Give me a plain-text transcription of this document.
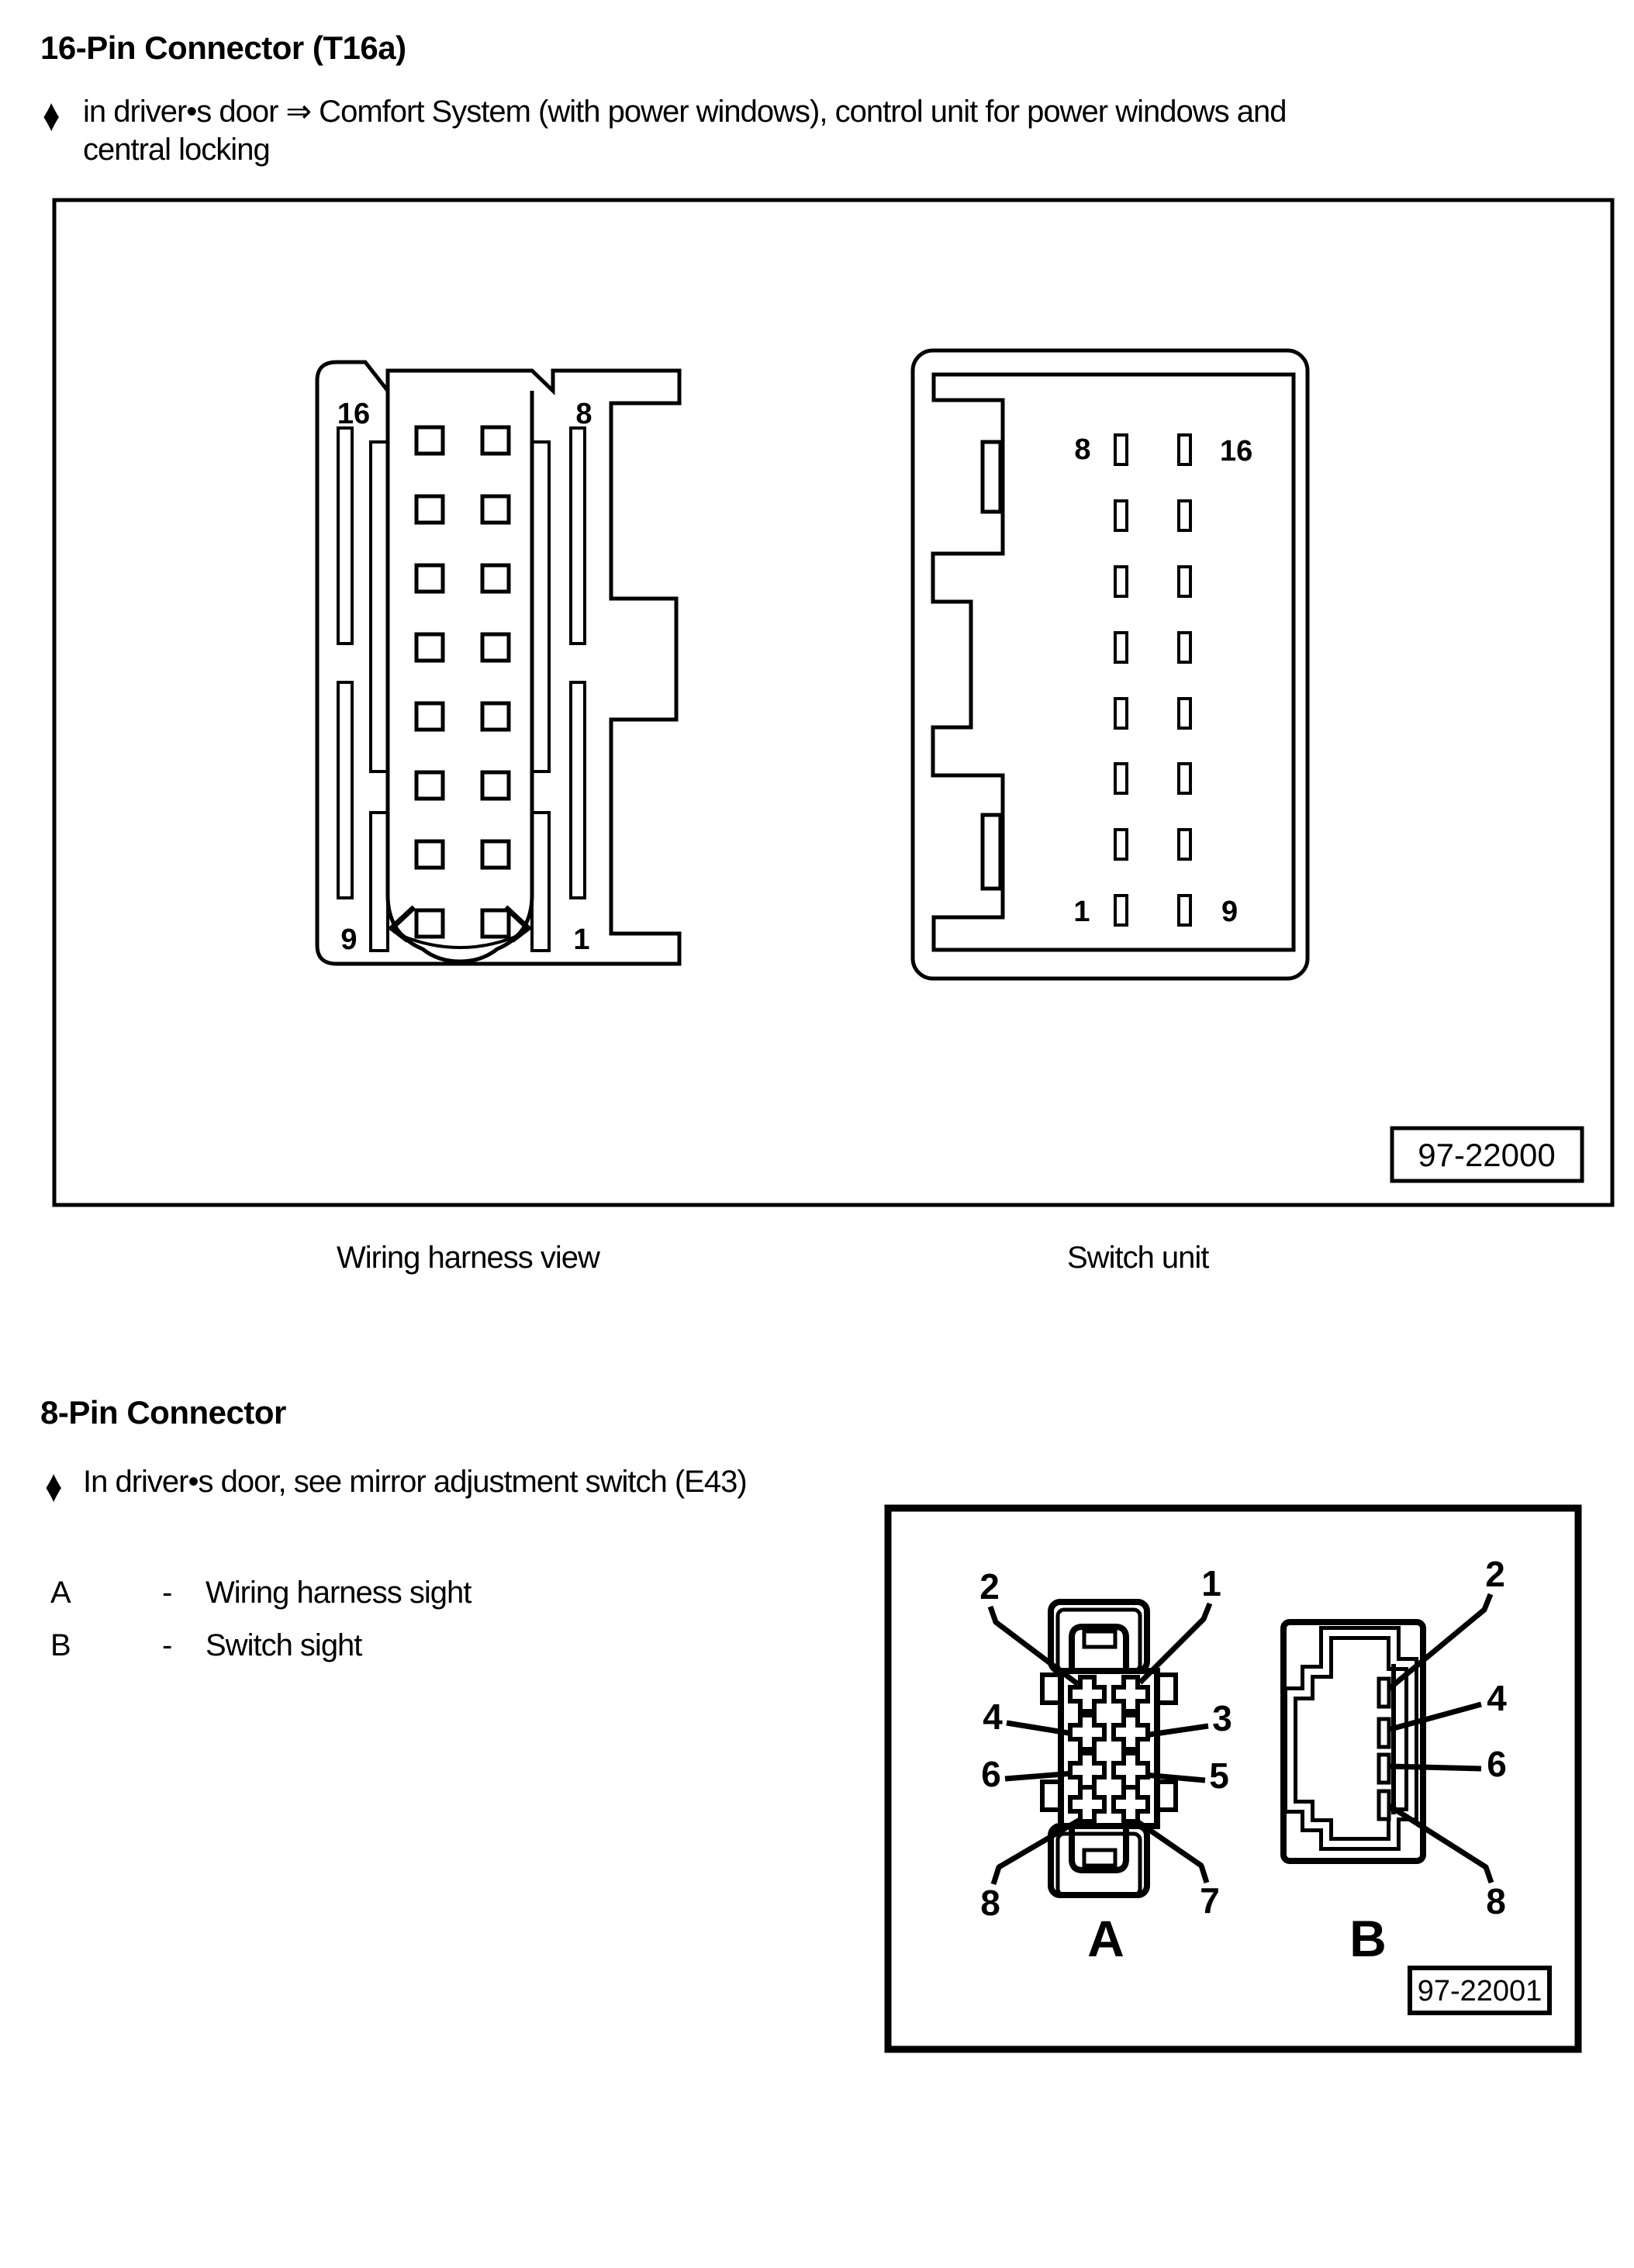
16-Pin Connector (T16a)
♦ in driver•s door ⇒ Comfort System (with power windows), control unit for power windows and
central locking
16	8
9	1
8	16
1	9
97-22000
2	1
4	3
6	5
8	7
A
2
4
6
8
B
97-22001
Wiring harness view	Switch unit
8-Pin Connector
♦ In driver•s door, see mirror adjustment switch (E43)
A	- Wiring harness sight
B	- Switch sight
